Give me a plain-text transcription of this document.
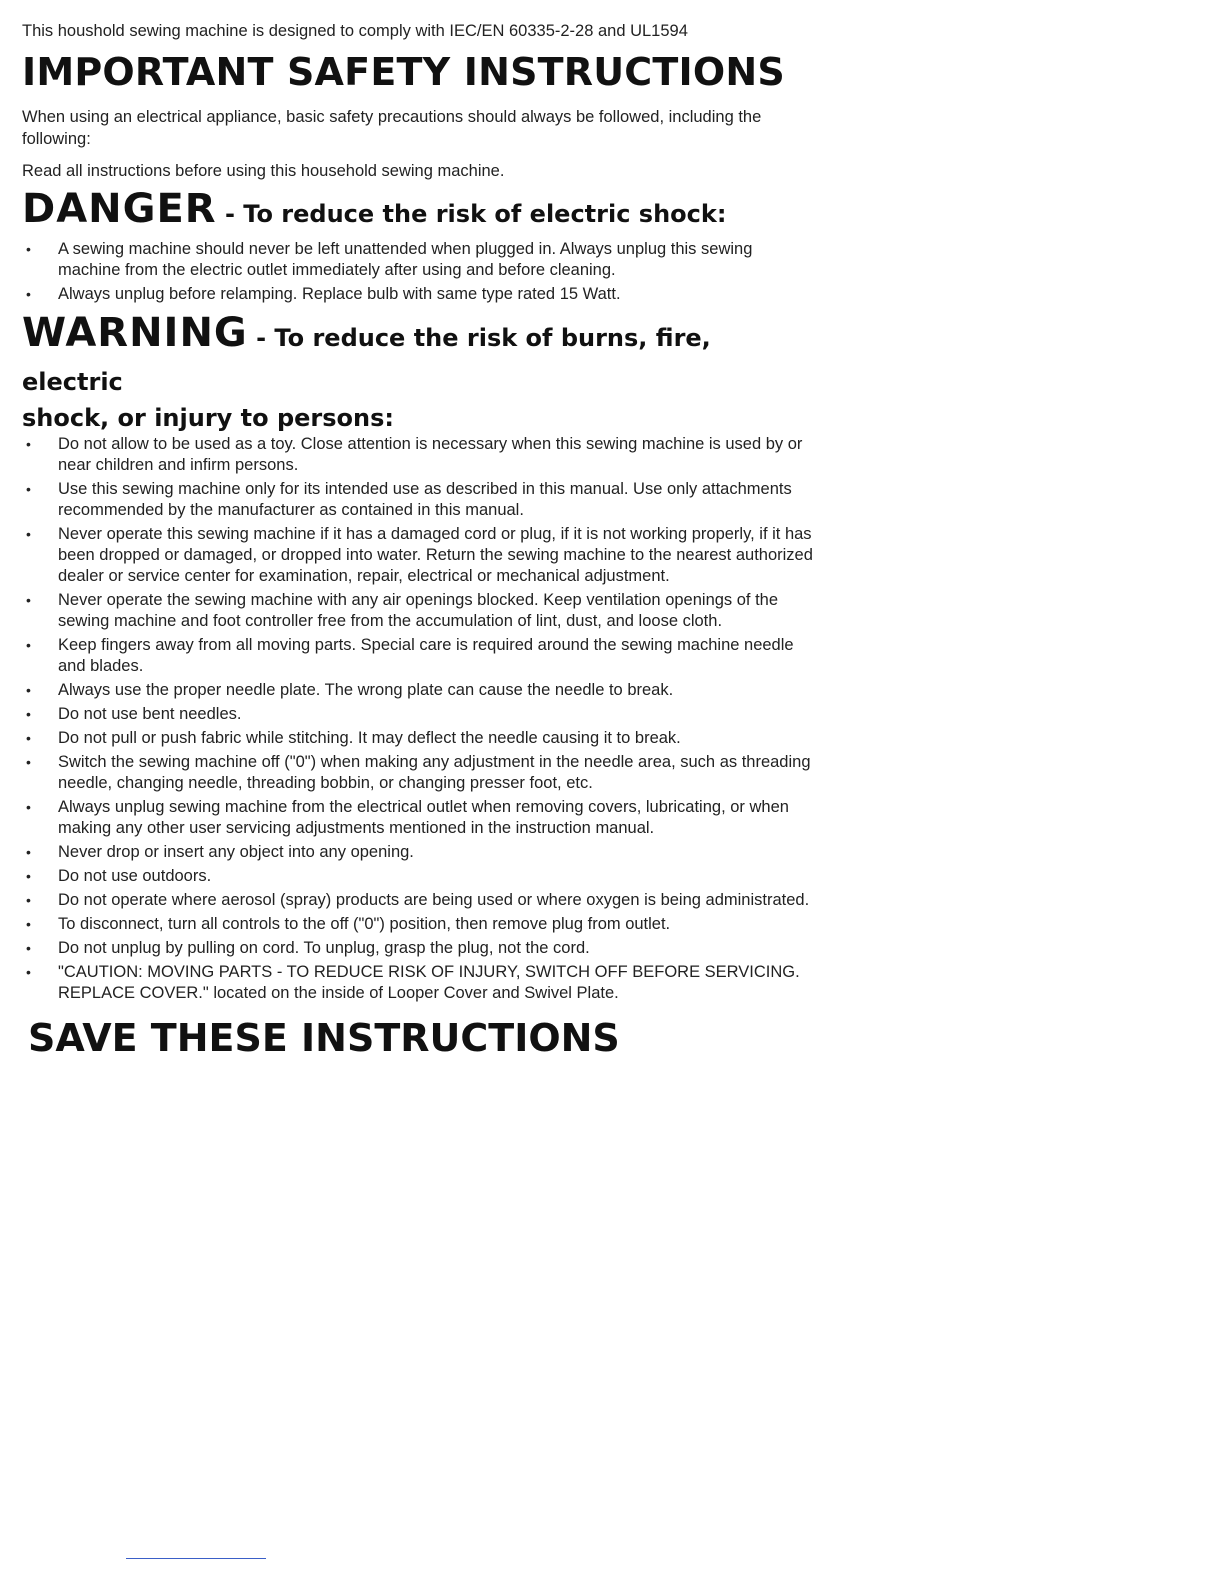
This houshold sewing machine is designed to comply with IEC/EN 60335-2-28 and UL1594

IMPORTANT SAFETY INSTRUCTIONS

When using an electrical appliance, basic safety precautions should always be followed, including the following:

Read all instructions before using this household sewing machine.

DANGER - To reduce the risk of electric shock:
• A sewing machine should never be left unattended when plugged in. Always unplug this sewing machine from the electric outlet immediately after using and before cleaning.
• Always unplug before relamping. Replace bulb with same type rated 15 Watt.
WARNING - To reduce the risk of burns, fire, electric

shock, or injury to persons:

• Do not allow to be used as a toy. Close attention is necessary when this sewing machine is used by or near children and infirm persons.
• Use this sewing machine only for its intended use as described in this manual. Use only attachments recommended by the manufacturer as contained in this manual.
• Never operate this sewing machine if it has a damaged cord or plug, if it is not working properly, if it has been dropped or damaged, or dropped into water. Return the sewing machine to the nearest authorized dealer or service center for examination, repair, electrical or mechanical adjustment.
• Never operate the sewing machine with any air openings blocked. Keep ventilation openings of the sewing machine and foot controller free from the accumulation of lint, dust, and loose cloth.
• Keep fingers away from all moving parts. Special care is required around the sewing machine needle and blades.
• Always use the proper needle plate. The wrong plate can cause the needle to break.
• Do not use bent needles.
• Do not pull or push fabric while stitching. It may deflect the needle causing it to break.
• Switch the sewing machine off ("0") when making any adjustment in the needle area, such as threading needle, changing needle, threading bobbin, or changing presser foot, etc.
• Always unplug sewing machine from the electrical outlet when removing covers, lubricating, or when making any other user servicing adjustments mentioned in the instruction manual.
• Never drop or insert any object into any opening.
• Do not use outdoors.
• Do not operate where aerosol (spray) products are being used or where oxygen is being administrated.
• To disconnect, turn all controls to the off ("0") position, then remove plug from outlet.
• Do not unplug by pulling on cord. To unplug, grasp the plug, not the cord.
• "CAUTION: MOVING PARTS - TO REDUCE RISK OF INJURY, SWITCH OFF BEFORE SERVICING. REPLACE COVER." located on the inside of Looper Cover and Swivel Plate.
SAVE THESE INSTRUCTIONS
